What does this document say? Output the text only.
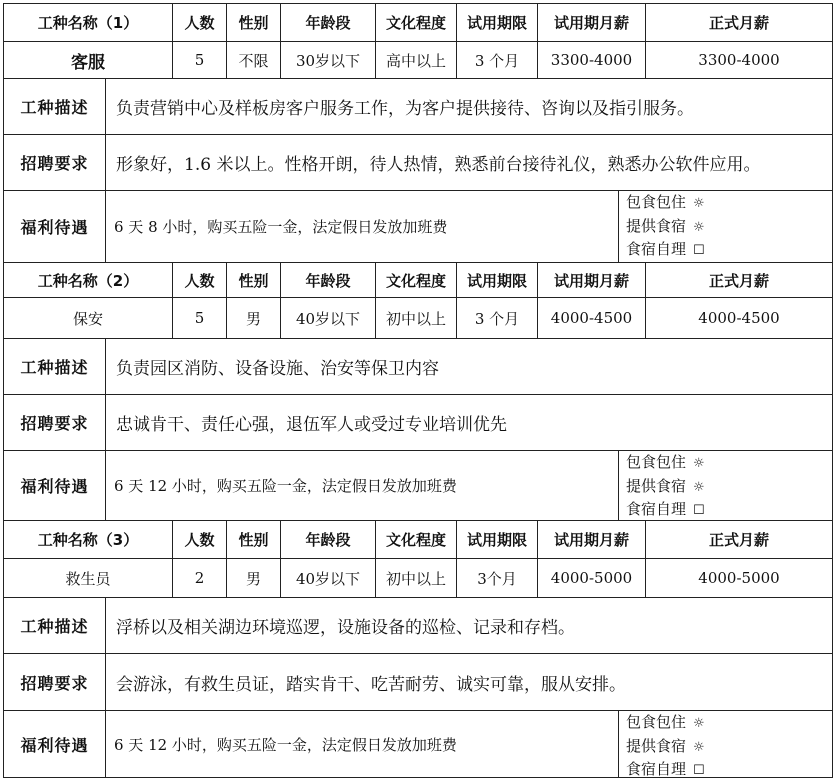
工种名称（1）	人数	性别	年龄段	文化程度	试用期限	试用期月薪	正式月薪
客服	5	不限	30岁以下	高中以上	3 个月	3300-4000	3300-4000
工种描述	负责营销中心及样板房客户服务工作，为客户提供接待、咨询以及指引服务。
招聘要求	形象好，1.6 米以上。性格开朗，待人热情，熟悉前台接待礼仪，熟悉办公软件应用。
福利待遇	6 天 8 小时，购买五险一金，法定假日发放加班费
包食包住 ☼
提供食宿 ☼
食宿自理 ☐
工种名称（2）	人数	性别	年龄段	文化程度	试用期限	试用期月薪	正式月薪
保安	5	男	40岁以下	初中以上	3 个月	4000-4500	4000-4500
工种描述	负责园区消防、设备设施、治安等保卫内容
招聘要求	忠诚肯干、责任心强，退伍军人或受过专业培训优先
福利待遇	6 天 12 小时，购买五险一金，法定假日发放加班费
包食包住 ☼
提供食宿 ☼
食宿自理 ☐
工种名称（3）	人数	性别	年龄段	文化程度	试用期限	试用期月薪	正式月薪
救生员	2	男	40岁以下	初中以上	3个月	4000-5000	4000-5000
工种描述	浮桥以及相关湖边环境巡逻，设施设备的巡检、记录和存档。
招聘要求	会游泳，有救生员证，踏实肯干、吃苦耐劳、诚实可靠，服从安排。
福利待遇	6 天 12 小时，购买五险一金，法定假日发放加班费
包食包住 ☼
提供食宿 ☼
食宿自理 ☐
